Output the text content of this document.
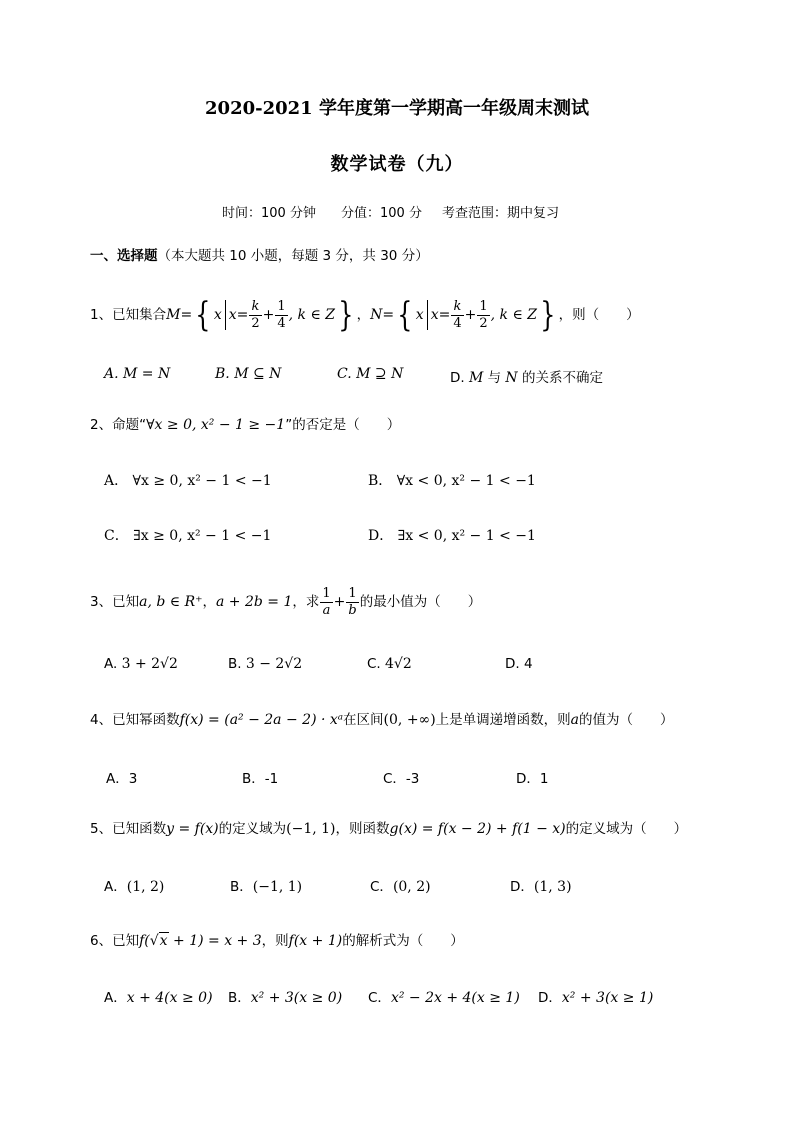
2020-2021 学年度第一学期高一年级周末测试
数学试卷（九）
时间：100 分钟 分值：100 分 考查范围：期中复习
一、选择题（本大题共 10 小题，每题 3 分，共 30 分）
1、已知集合 M = { x $x = \frac{k}{2} + \frac{1}{4}$ , k ∈ Z } ， N = { x $x = \frac{k}{4} + \frac{1}{2}$ , k ∈ Z } ，则（　　）
A. M = N	B. M ⊆ N	C. M ⊇ N	D. M 与 N 的关系不确定
2、命题“∀x ≥ 0, x² − 1 ≥ −1”的否定是（　　）
A． ∀x ≥ 0, x² − 1 < −1	B． ∀x < 0, x² − 1 < −1
C． ∃x ≥ 0, x² − 1 < −1	D． ∃x < 0, x² − 1 < −1
3、已知 a, b ∈ R⁺ ， a + 2b = 1 ，求 $\frac{1}{a} + \frac{1}{b}$ 的最小值为（　　）
A. 3 + 2√2	B. 3 − 2√2	C. 4√2	D. 4
4、已知幂函数f(x) = (a² − 2a − 2) · xᵃ在区间(0, +∞)上是单调递增函数，则a的值为（　　）
A．3	B．-1	C．-3	D．1
5、已知函数y = f(x)的定义域为(−1, 1)，则函数g(x) = f(x − 2) + f(1 − x)的定义域为（　　）
A．(1, 2)	B．(−1, 1)	C．(0, 2)	D．(1, 3)
6、已知f(√x + 1) = x + 3，则f(x + 1)的解析式为（　　）
A．x + 4(x ≥ 0) B．x² + 3(x ≥ 0) C．x² − 2x + 4(x ≥ 1) D．x² + 3(x ≥ 1)
